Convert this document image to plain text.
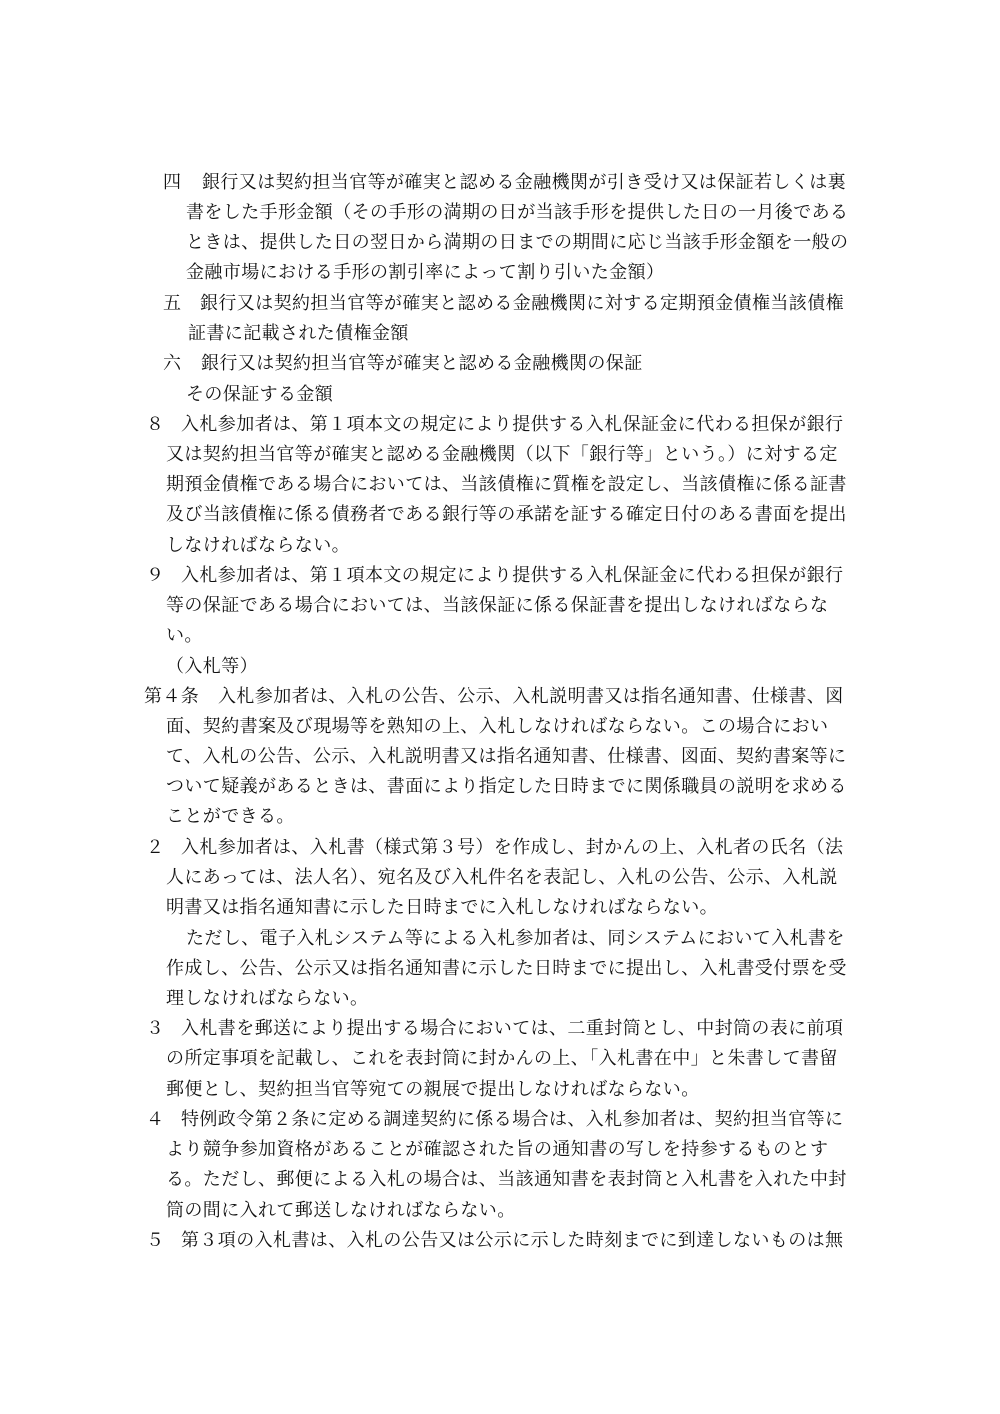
四 銀行又は契約担当官等が確実と認める金融機関が引き受け又は保証若しくは裏
書をした手形金額（その手形の満期の日が当該手形を提供した日の一月後である
ときは、提供した日の翌日から満期の日までの期間に応じ当該手形金額を一般の
金融市場における手形の割引率によって割り引いた金額）
五 銀行又は契約担当官等が確実と認める金融機関に対する定期預金債権当該債権
証書に記載された債権金額
六 銀行又は契約担当官等が確実と認める金融機関の保証
その保証する金額
８ 入札参加者は、第１項本文の規定により提供する入札保証金に代わる担保が銀行
又は契約担当官等が確実と認める金融機関（以下「銀行等」という。）に対する定
期預金債権である場合においては、当該債権に質権を設定し、当該債権に係る証書
及び当該債権に係る債務者である銀行等の承諾を証する確定日付のある書面を提出
しなければならない。
９ 入札参加者は、第１項本文の規定により提供する入札保証金に代わる担保が銀行
等の保証である場合においては、当該保証に係る保証書を提出しなければならな
い。
（入札等）
第４条 入札参加者は、入札の公告、公示、入札説明書又は指名通知書、仕様書、図
面、契約書案及び現場等を熟知の上、入札しなければならない。この場合におい
て、入札の公告、公示、入札説明書又は指名通知書、仕様書、図面、契約書案等に
ついて疑義があるときは、書面により指定した日時までに関係職員の説明を求める
ことができる。
２ 入札参加者は、入札書（様式第３号）を作成し、封かんの上、入札者の氏名（法
人にあっては、法人名）、宛名及び入札件名を表記し、入札の公告、公示、入札説
明書又は指名通知書に示した日時までに入札しなければならない。
ただし、電子入札システム等による入札参加者は、同システムにおいて入札書を
作成し、公告、公示又は指名通知書に示した日時までに提出し、入札書受付票を受
理しなければならない。
３ 入札書を郵送により提出する場合においては、二重封筒とし、中封筒の表に前項
の所定事項を記載し、これを表封筒に封かんの上、「入札書在中」と朱書して書留
郵便とし、契約担当官等宛ての親展で提出しなければならない。
４ 特例政令第２条に定める調達契約に係る場合は、入札参加者は、契約担当官等に
より競争参加資格があることが確認された旨の通知書の写しを持参するものとす
る。ただし、郵便による入札の場合は、当該通知書を表封筒と入札書を入れた中封
筒の間に入れて郵送しなければならない。
５ 第３項の入札書は、入札の公告又は公示に示した時刻までに到達しないものは無
